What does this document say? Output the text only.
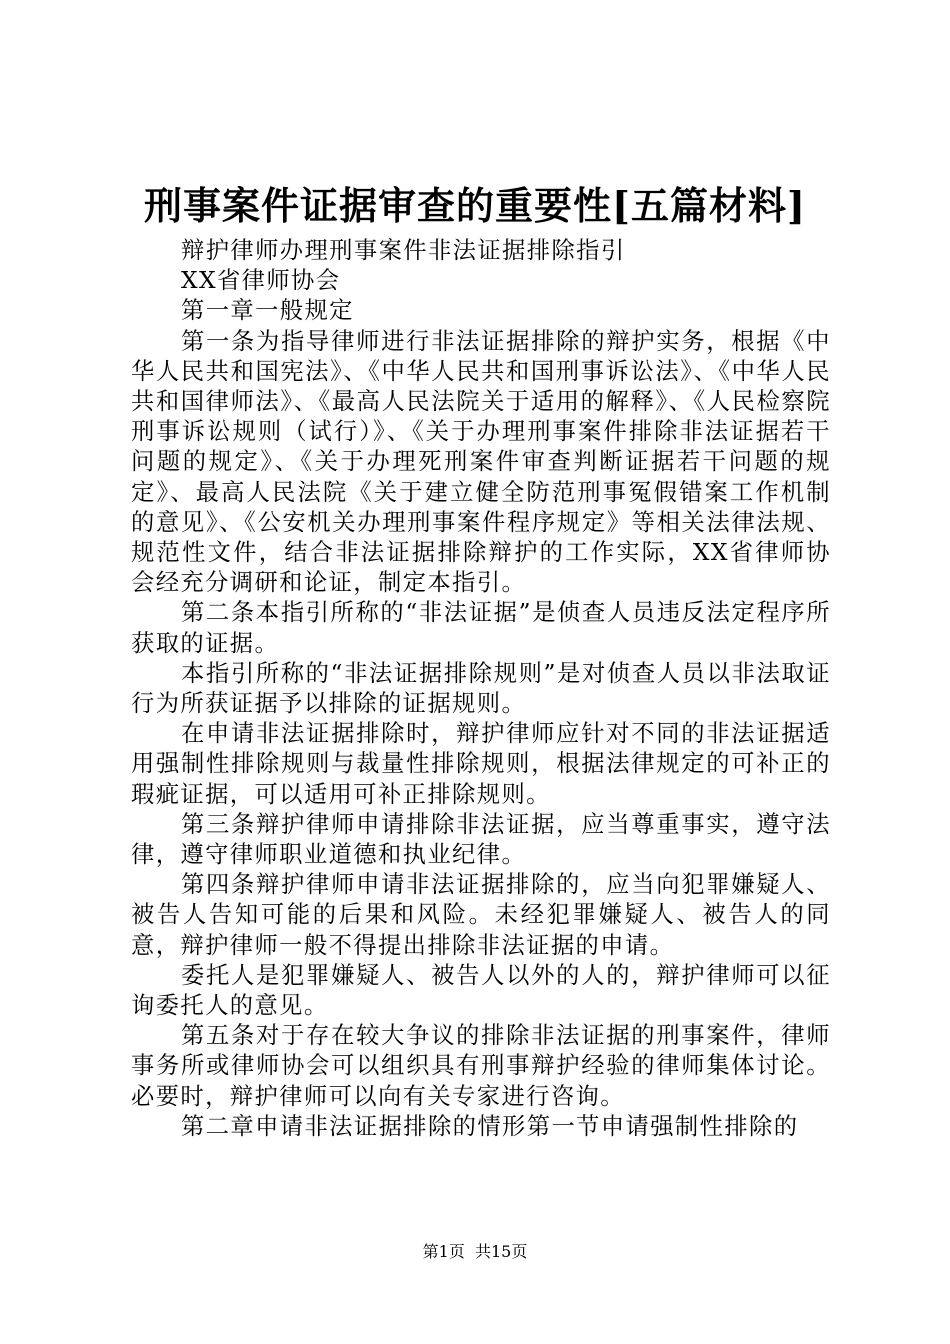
刑事案件证据审查的重要性[五篇材料]

辩护律师办理刑事案件非法证据排除指引

XX省律师协会

第一章一般规定

第一条为指导律师进行非法证据排除的辩护实务，根据《中华人民共和国宪法》、《中华人民共和国刑事诉讼法》、《中华人民共和国律师法》、《最高人民法院关于适用的解释》、《人民检察院刑事诉讼规则（试行）》、《关于办理刑事案件排除非法证据若干问题的规定》、《关于办理死刑案件审查判断证据若干问题的规定》、最高人民法院《关于建立健全防范刑事冤假错案工作机制的意见》、《公安机关办理刑事案件程序规定》等相关法律法规、规范性文件，结合非法证据排除辩护的工作实际，XX省律师协会经充分调研和论证，制定本指引。

第二条本指引所称的“非法证据”是侦查人员违反法定程序所获取的证据。

本指引所称的“非法证据排除规则”是对侦查人员以非法取证行为所获证据予以排除的证据规则。

在申请非法证据排除时，辩护律师应针对不同的非法证据适用强制性排除规则与裁量性排除规则，根据法律规定的可补正的瑕疵证据，可以适用可补正排除规则。

第三条辩护律师申请排除非法证据，应当尊重事实，遵守法律，遵守律师职业道德和执业纪律。

第四条辩护律师申请非法证据排除的，应当向犯罪嫌疑人、被告人告知可能的后果和风险。未经犯罪嫌疑人、被告人的同意，辩护律师一般不得提出排除非法证据的申请。

委托人是犯罪嫌疑人、被告人以外的人的，辩护律师可以征询委托人的意见。

第五条对于存在较大争议的排除非法证据的刑事案件，律师事务所或律师协会可以组织具有刑事辩护经验的律师集体讨论。必要时，辩护律师可以向有关专家进行咨询。

第二章申请非法证据排除的情形第一节申请强制性排除的

第1页  共15页
